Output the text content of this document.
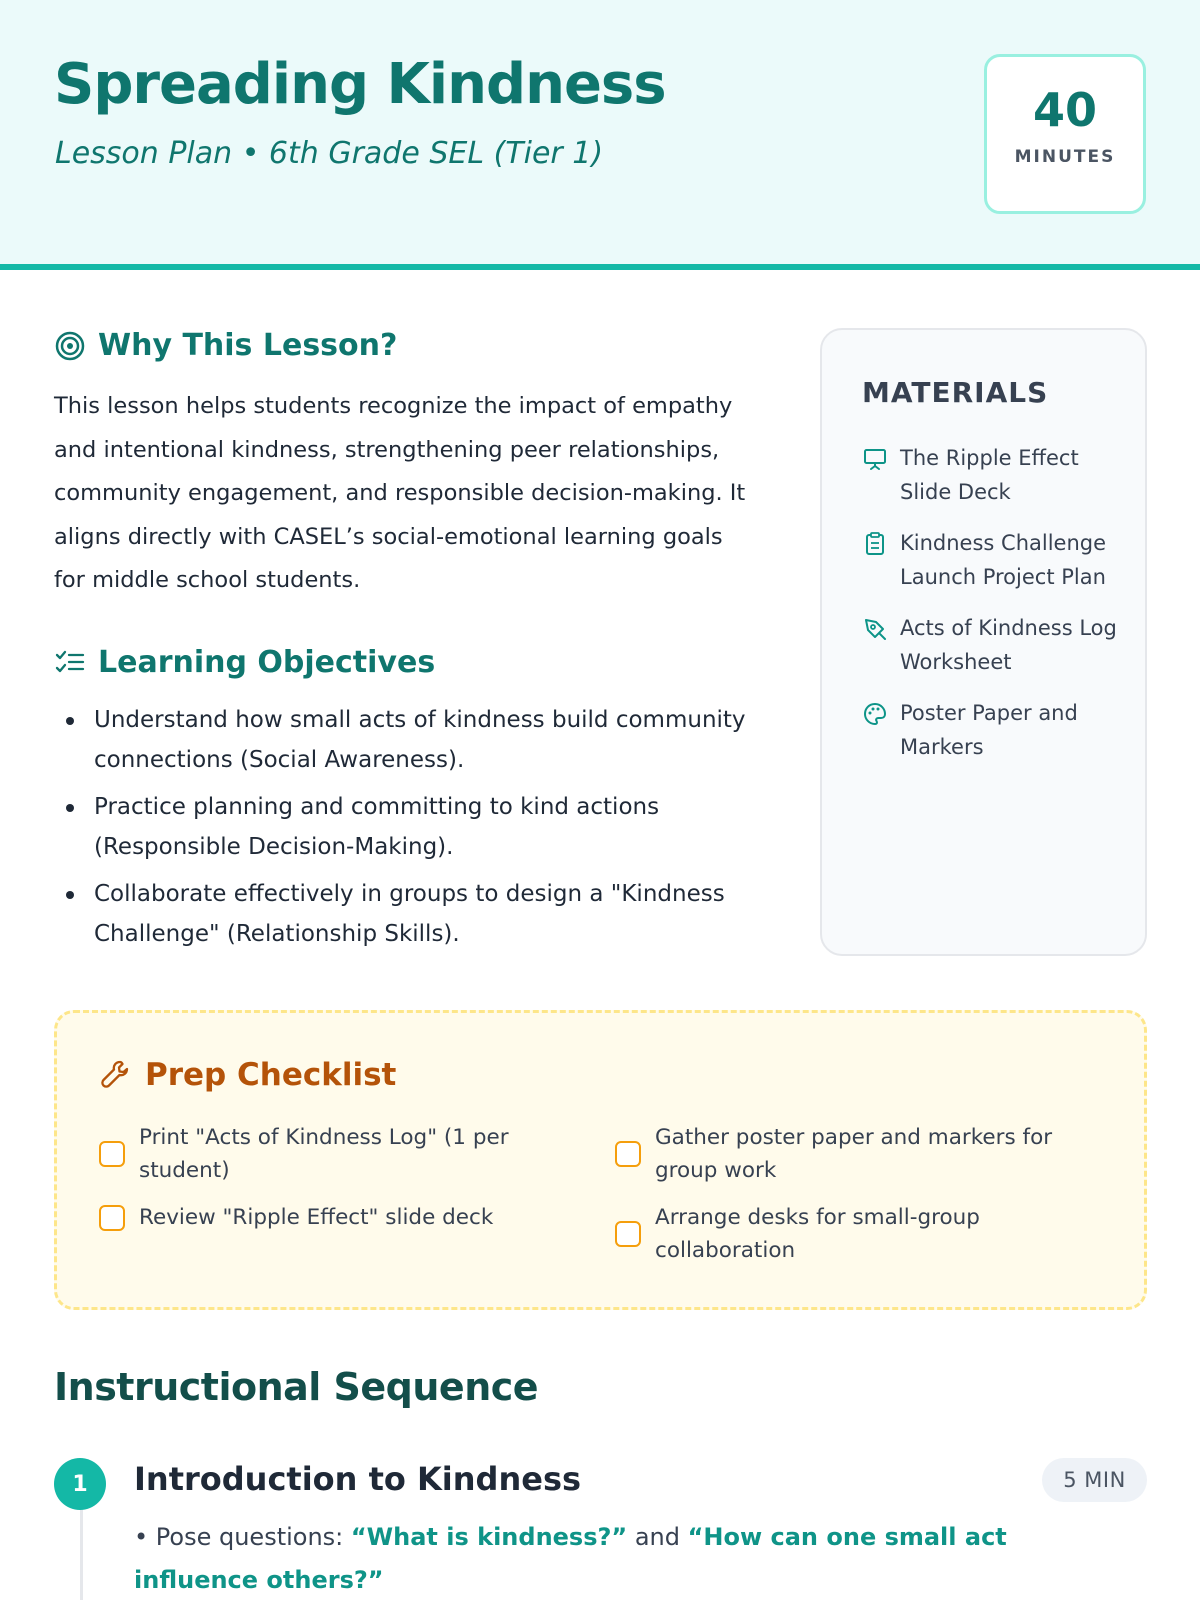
Spreading Kindness
Lesson Plan • 6th Grade SEL (Tier 1)
40
MINUTES
Why This Lesson?

This lesson helps students recognize the impact of empathy and intentional kindness, strengthening peer relationships, community engagement, and responsible decision-making. It aligns directly with CASEL’s social-emotional learning goals for middle school students.

Learning Objectives
Understand how small acts of kindness build community connections (Social Awareness).
Practice planning and committing to kind actions (Responsible Decision-Making).
Collaborate effectively in groups to design a "Kindness Challenge" (Relationship Skills).
MATERIALS
The Ripple Effect Slide Deck
Kindness Challenge Launch Project Plan
Acts of Kindness Log Worksheet
Poster Paper and Markers
Prep Checklist
Print "Acts of Kindness Log" (1 per student)
Gather poster paper and markers for group work
Review "Ripple Effect" slide deck	Arrange desks for small-group collaboration
Instructional Sequence
1	Introduction to Kindness	5 MIN

• Pose questions: “What is kindness?” and “How can one small act influence others?”
